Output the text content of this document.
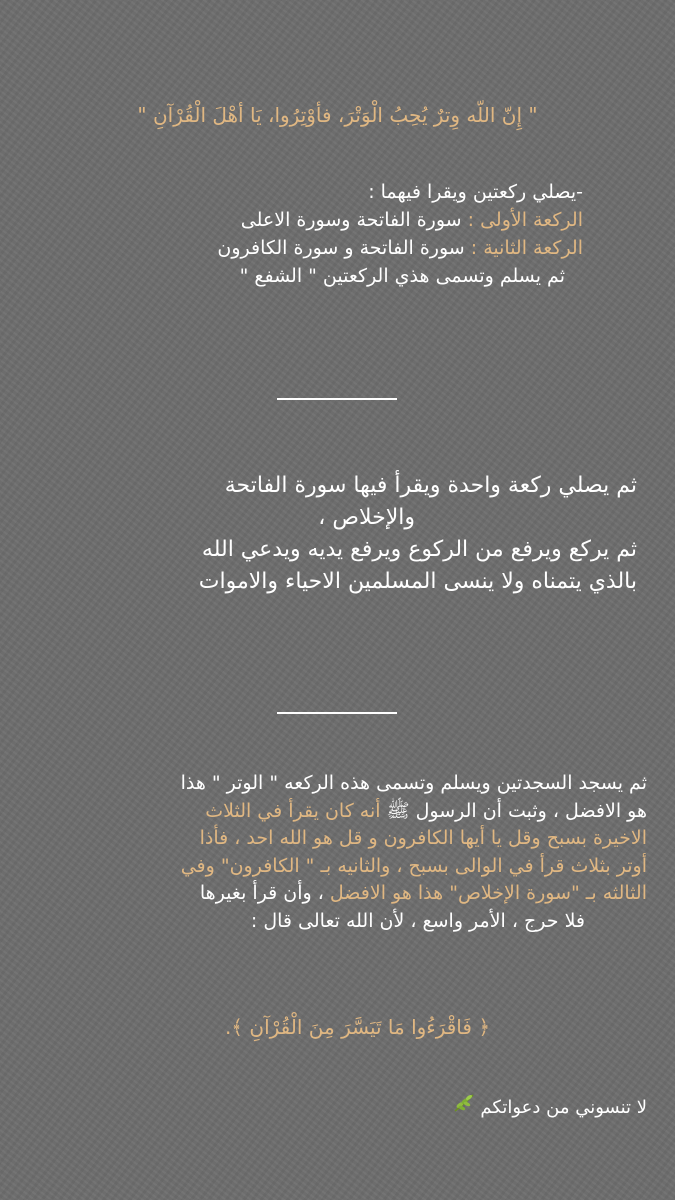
" إِنّ اللّه وِترٌ يُحِبُ الْوَتْرَ، فأوْتِرُوا، يَا أهْلَ الْقُرْآنِ "
-يصلي ركعتين ويقرا فيهما :
الركعة الأولى : سورة الفاتحة وسورة الاعلى
الركعة الثانية : سورة الفاتحة و سورة الكافرون
ثم يسلم وتسمى هذي الركعتين " الشفع "
ثم يصلي ركعة واحدة ويقرأ فيها سورة الفاتحة
والإخلاص ،
ثم يركع ويرفع من الركوع ويرفع يديه ويدعي الله
بالذي يتمناه ولا ينسى المسلمين الاحياء والاموات
ثم يسجد السجدتين ويسلم وتسمى هذه الركعه " الوتر " هذا
هو الافضل ، وثبت أن الرسول ﷺ أنه كان يقرأ في الثلاث
الاخيرة بسبح وقل يا أيها الكافرون و قل هو الله احد ، فأذا
أوتر بثلاث قرأ في الوالى بسبح ، والثانيه بـ " الكافرون" وفي
الثالثه بـ "سورة الإخلاص" هذا هو الافضل ، وأن قرأ بغيرها
فلا حرج ، الأمر واسع ، لأن الله تعالى قال :
﴿ فَاقْرَءُوا مَا تَيَسَّرَ مِنَ الْقُرْآنِ ﴾.
لا تنسوني من دعواتكم
